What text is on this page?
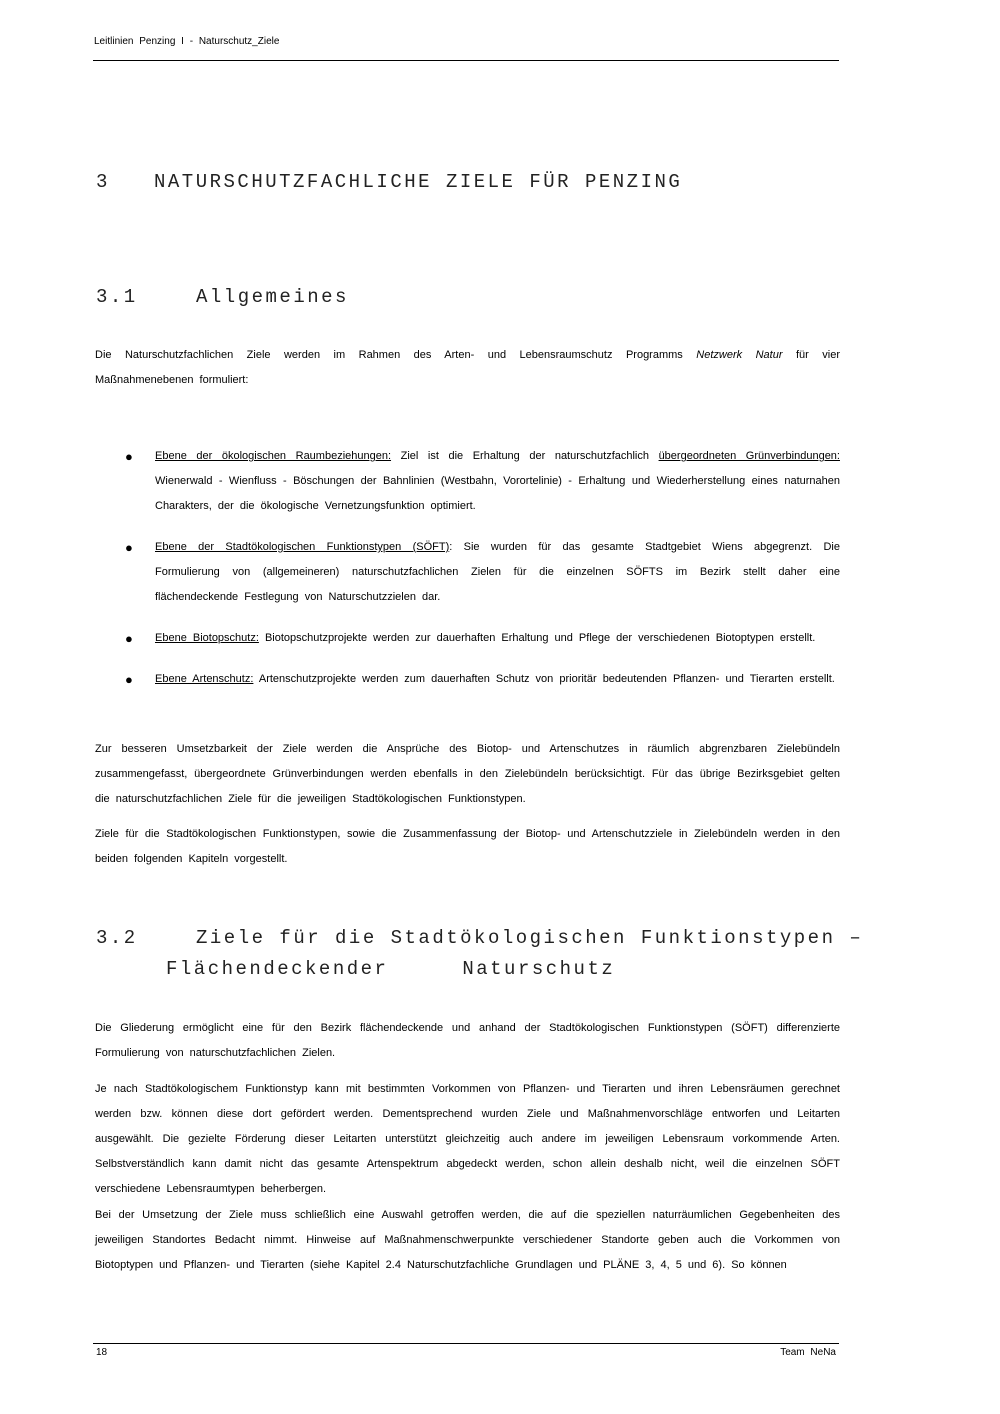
Leitlinien Penzing I - Naturschutz_Ziele
3 NATURSCHUTZFACHLICHE ZIELE FÜR PENZING
3.1	Allgemeines

Die Naturschutzfachlichen Ziele werden im Rahmen des Arten- und Lebensraumschutz Programms Netzwerk Natur für vier Maßnahmenebenen formuliert:

● Ebene der ökologischen Raumbeziehungen: Ziel ist die Erhaltung der naturschutzfachlich übergeordneten Grünverbindungen: Wienerwald - Wienfluss - Böschungen der Bahnlinien (Westbahn, Vorortelinie) - Erhaltung und Wiederherstellung eines naturnahen Charakters, der die ökologische Vernetzungsfunktion optimiert.
● Ebene der Stadtökologischen Funktionstypen (SÖFT): Sie wurden für das gesamte Stadtgebiet Wiens abgegrenzt. Die Formulierung von (allgemeineren) naturschutzfachlichen Zielen für die einzelnen SÖFTS im Bezirk stellt daher eine flächendeckende Festlegung von Naturschutzzielen dar.
● Ebene Biotopschutz: Biotopschutzprojekte werden zur dauerhaften Erhaltung und Pflege der verschiedenen Biotoptypen erstellt.
● Ebene Artenschutz: Artenschutzprojekte werden zum dauerhaften Schutz von prioritär bedeutenden Pflanzen- und Tierarten erstellt.

Zur besseren Umsetzbarkeit der Ziele werden die Ansprüche des Biotop- und Artenschutzes in räumlich abgrenzbaren Zielebündeln zusammengefasst, übergeordnete Grünverbindungen werden ebenfalls in den Zielebündeln berücksichtigt. Für das übrige Bezirksgebiet gelten die naturschutzfachlichen Ziele für die jeweiligen Stadtökologischen Funktionstypen.

Ziele für die Stadtökologischen Funktionstypen, sowie die Zusammenfassung der Biotop- und Artenschutzziele in Zielebündeln werden in den beiden folgenden Kapiteln vorgestellt.

3.2	Ziele für die Stadtökologischen Funktionstypen –
Flächendeckender Naturschutz

Die Gliederung ermöglicht eine für den Bezirk flächendeckende und anhand der Stadtökologischen Funktionstypen (SÖFT) differenzierte Formulierung von naturschutzfachlichen Zielen.

Je nach Stadtökologischem Funktionstyp kann mit bestimmten Vorkommen von Pflanzen- und Tierarten und ihren Lebensräumen gerechnet werden bzw. können diese dort gefördert werden. Dementsprechend wurden Ziele und Maßnahmenvorschläge entworfen und Leitarten ausgewählt. Die gezielte Förderung dieser Leitarten unterstützt gleichzeitig auch andere im jeweiligen Lebensraum vorkommende Arten. Selbstverständlich kann damit nicht das gesamte Artenspektrum abgedeckt werden, schon allein deshalb nicht, weil die einzelnen SÖFT verschiedene Lebensraumtypen beherbergen.

Bei der Umsetzung der Ziele muss schließlich eine Auswahl getroffen werden, die auf die speziellen naturräumlichen Gegebenheiten des jeweiligen Standortes Bedacht nimmt. Hinweise auf Maßnahmenschwerpunkte verschiedener Standorte geben auch die Vorkommen von Biotoptypen und Pflanzen- und Tierarten (siehe Kapitel 2.4 Naturschutzfachliche Grundlagen und PLÄNE 3, 4, 5 und 6). So können

18	Team NeNa
